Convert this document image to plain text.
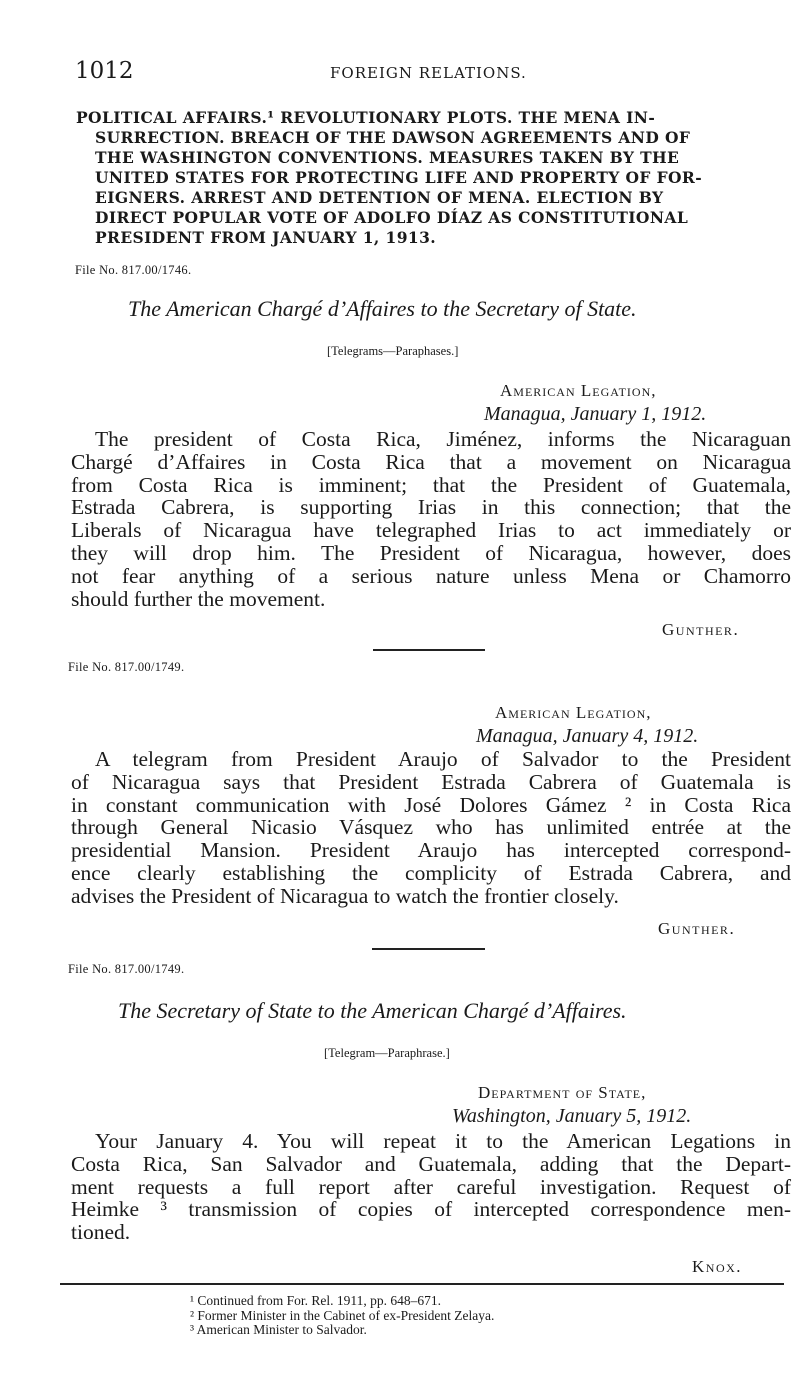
1012	FOREIGN RELATIONS.
POLITICAL AFFAIRS.¹ REVOLUTIONARY PLOTS. THE MENA IN-
SURRECTION. BREACH OF THE DAWSON AGREEMENTS AND OF
THE WASHINGTON CONVENTIONS. MEASURES TAKEN BY THE
UNITED STATES FOR PROTECTING LIFE AND PROPERTY OF FOR-
EIGNERS. ARREST AND DETENTION OF MENA. ELECTION BY
DIRECT POPULAR VOTE OF ADOLFO DÍAZ AS CONSTITUTIONAL
PRESIDENT FROM JANUARY 1, 1913.
File No. 817.00/1746.
The American Chargé d’Affaires to the Secretary of State.
[Telegrams—Paraphases.]
American Legation,
Managua, January 1, 1912.
The president of Costa Rica, Jiménez, informs the Nicaraguan
Chargé d’Affaires in Costa Rica that a movement on Nicaragua
from Costa Rica is imminent; that the President of Guatemala,
Estrada Cabrera, is supporting Irias in this connection; that the
Liberals of Nicaragua have telegraphed Irias to act immediately or
they will drop him. The President of Nicaragua, however, does
not fear anything of a serious nature unless Mena or Chamorro
should further the movement.
Gunther.
File No. 817.00/1749.
American Legation,
Managua, January 4, 1912.
A telegram from President Araujo of Salvador to the President
of Nicaragua says that President Estrada Cabrera of Guatemala is
in constant communication with José Dolores Gámez ² in Costa Rica
through General Nicasio Vásquez who has unlimited entrée at the
presidential Mansion. President Araujo has intercepted correspond-
ence clearly establishing the complicity of Estrada Cabrera, and
advises the President of Nicaragua to watch the frontier closely.
Gunther.
File No. 817.00/1749.
The Secretary of State to the American Chargé d’Affaires.
[Telegram—Paraphrase.]
Department of State,
Washington, January 5, 1912.
Your January 4. You will repeat it to the American Legations in
Costa Rica, San Salvador and Guatemala, adding that the Depart-
ment requests a full report after careful investigation. Request of
Heimke ³ transmission of copies of intercepted correspondence men-
tioned.
Knox.
¹ Continued from For. Rel. 1911, pp. 648–671.
² Former Minister in the Cabinet of ex-President Zelaya.
³ American Minister to Salvador.
